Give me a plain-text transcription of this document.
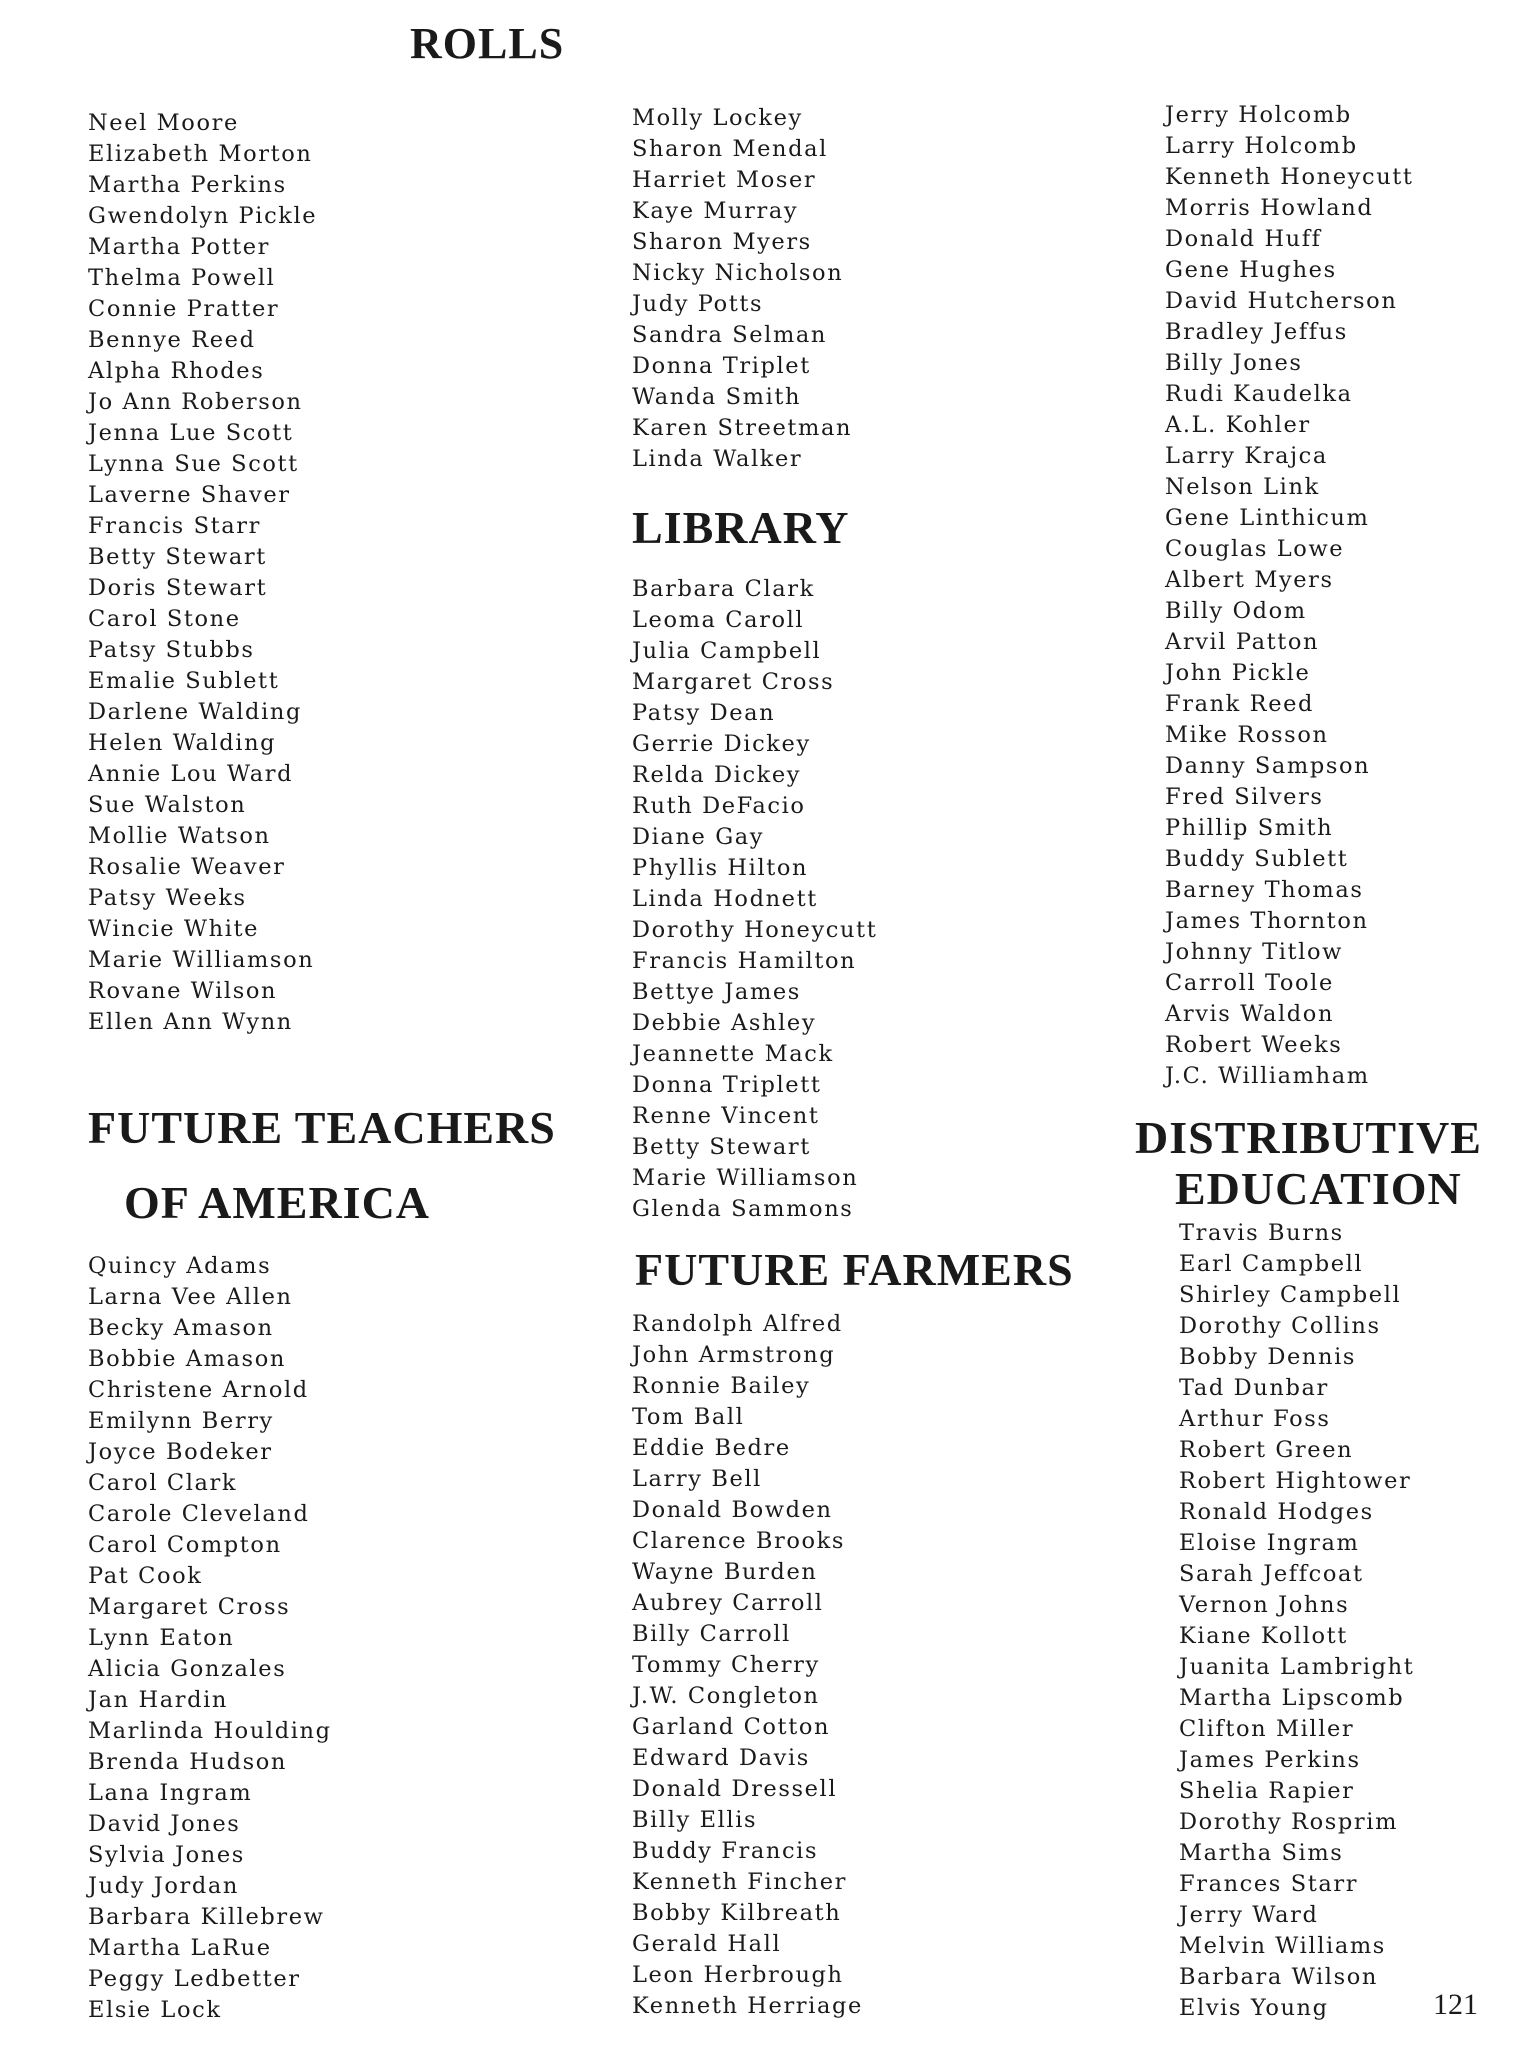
ROLLS
Neel Moore
Elizabeth Morton
Martha Perkins
Gwendolyn Pickle
Martha Potter
Thelma Powell
Connie Pratter
Bennye Reed
Alpha Rhodes
Jo Ann Roberson
Jenna Lue Scott
Lynna Sue Scott
Laverne Shaver
Francis Starr
Betty Stewart
Doris Stewart
Carol Stone
Patsy Stubbs
Emalie Sublett
Darlene Walding
Helen Walding
Annie Lou Ward
Sue Walston
Mollie Watson
Rosalie Weaver
Patsy Weeks
Wincie White
Marie Williamson
Rovane Wilson
Ellen Ann Wynn
FUTURE TEACHERS
OF AMERICA
Quincy Adams
Larna Vee Allen
Becky Amason
Bobbie Amason
Christene Arnold
Emilynn Berry
Joyce Bodeker
Carol Clark
Carole Cleveland
Carol Compton
Pat Cook
Margaret Cross
Lynn Eaton
Alicia Gonzales
Jan Hardin
Marlinda Houlding
Brenda Hudson
Lana Ingram
David Jones
Sylvia Jones
Judy Jordan
Barbara Killebrew
Martha LaRue
Peggy Ledbetter
Elsie Lock
Molly Lockey
Sharon Mendal
Harriet Moser
Kaye Murray
Sharon Myers
Nicky Nicholson
Judy Potts
Sandra Selman
Donna Triplet
Wanda Smith
Karen Streetman
Linda Walker
LIBRARY
Barbara Clark
Leoma Caroll
Julia Campbell
Margaret Cross
Patsy Dean
Gerrie Dickey
Relda Dickey
Ruth DeFacio
Diane Gay
Phyllis Hilton
Linda Hodnett
Dorothy Honeycutt
Francis Hamilton
Bettye James
Debbie Ashley
Jeannette Mack
Donna Triplett
Renne Vincent
Betty Stewart
Marie Williamson
Glenda Sammons
FUTURE FARMERS
Randolph Alfred
John Armstrong
Ronnie Bailey
Tom Ball
Eddie Bedre
Larry Bell
Donald Bowden
Clarence Brooks
Wayne Burden
Aubrey Carroll
Billy Carroll
Tommy Cherry
J.W. Congleton
Garland Cotton
Edward Davis
Donald Dressell
Billy Ellis
Buddy Francis
Kenneth Fincher
Bobby Kilbreath
Gerald Hall
Leon Herbrough
Kenneth Herriage
Jerry Holcomb
Larry Holcomb
Kenneth Honeycutt
Morris Howland
Donald Huff
Gene Hughes
David Hutcherson
Bradley Jeffus
Billy Jones
Rudi Kaudelka
A.L. Kohler
Larry Krajca
Nelson Link
Gene Linthicum
Couglas Lowe
Albert Myers
Billy Odom
Arvil Patton
John Pickle
Frank Reed
Mike Rosson
Danny Sampson
Fred Silvers
Phillip Smith
Buddy Sublett
Barney Thomas
James Thornton
Johnny Titlow
Carroll Toole
Arvis Waldon
Robert Weeks
J.C. Williamham
DISTRIBUTIVE
EDUCATION
Travis Burns
Earl Campbell
Shirley Campbell
Dorothy Collins
Bobby Dennis
Tad Dunbar
Arthur Foss
Robert Green
Robert Hightower
Ronald Hodges
Eloise Ingram
Sarah Jeffcoat
Vernon Johns
Kiane Kollott
Juanita Lambright
Martha Lipscomb
Clifton Miller
James Perkins
Shelia Rapier
Dorothy Rosprim
Martha Sims
Frances Starr
Jerry Ward
Melvin Williams
Barbara Wilson
Elvis Young	121
